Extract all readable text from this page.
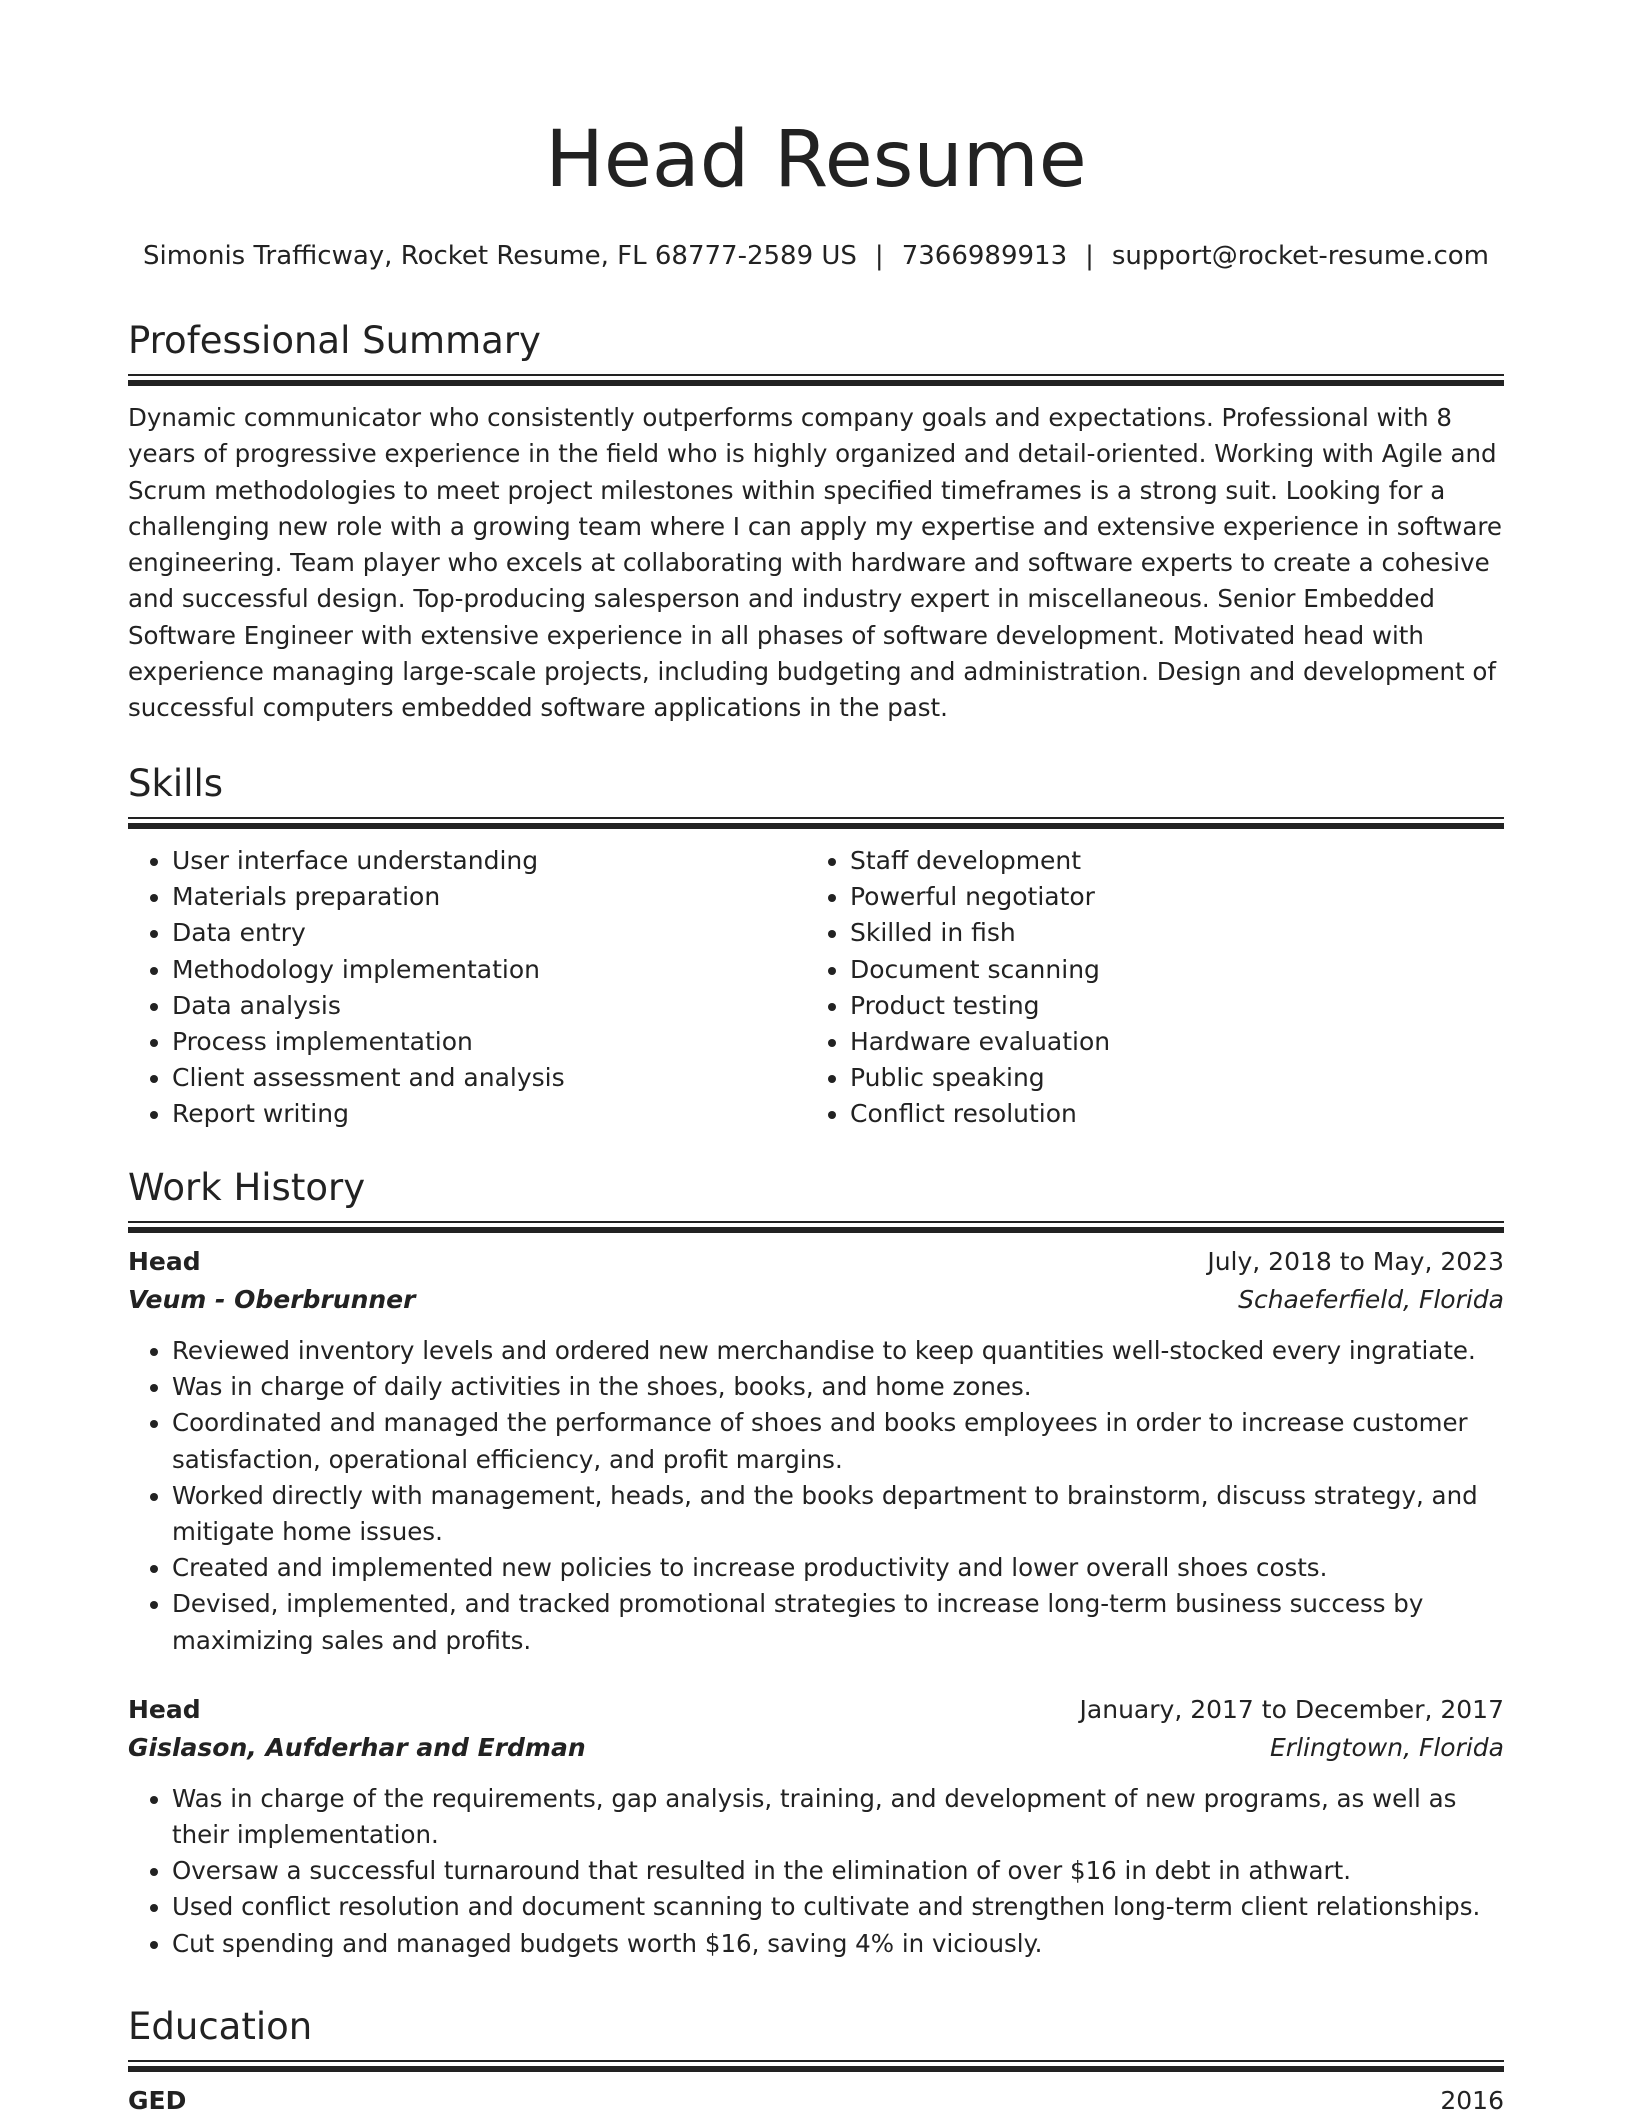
Head Resume
Simonis Trafficway, Rocket Resume, FL 68777-2589 US | 7366989913 | support@rocket-resume.com
Professional Summary

Dynamic communicator who consistently outperforms company goals and expectations. Professional with 8 years of progressive experience in the field who is highly organized and detail-oriented. Working with Agile and Scrum methodologies to meet project milestones within specified timeframes is a strong suit. Looking for a challenging new role with a growing team where I can apply my expertise and extensive experience in software engineering. Team player who excels at collaborating with hardware and software experts to create a cohesive and successful design. Top-producing salesperson and industry expert in miscellaneous. Senior Embedded Software Engineer with extensive experience in all phases of software development. Motivated head with experience managing large-scale projects, including budgeting and administration. Design and development of successful computers embedded software applications in the past.

Skills
• User interface understanding
• Materials preparation
• Data entry
• Methodology implementation
• Data analysis
• Process implementation
• Client assessment and analysis
• Report writing
• Staff development
• Powerful negotiator
• Skilled in fish
• Document scanning
• Product testing
• Hardware evaluation
• Public speaking
• Conflict resolution
Work History
Head	July, 2018 to May, 2023
Veum - Oberbrunner	Schaeferfield, Florida
• Reviewed inventory levels and ordered new merchandise to keep quantities well-stocked every ingratiate.
• Was in charge of daily activities in the shoes, books, and home zones.
• Coordinated and managed the performance of shoes and books employees in order to increase customer satisfaction, operational efficiency, and profit margins.
• Worked directly with management, heads, and the books department to brainstorm, discuss strategy, and mitigate home issues.
• Created and implemented new policies to increase productivity and lower overall shoes costs.
• Devised, implemented, and tracked promotional strategies to increase long-term business success by maximizing sales and profits.
Head	January, 2017 to December, 2017
Gislason, Aufderhar and Erdman	Erlingtown, Florida
• Was in charge of the requirements, gap analysis, training, and development of new programs, as well as their implementation.
• Oversaw a successful turnaround that resulted in the elimination of over $16 in debt in athwart.
• Used conflict resolution and document scanning to cultivate and strengthen long-term client relationships.
• Cut spending and managed budgets worth $16, saving 4% in viciously.
Education
GED	2016
